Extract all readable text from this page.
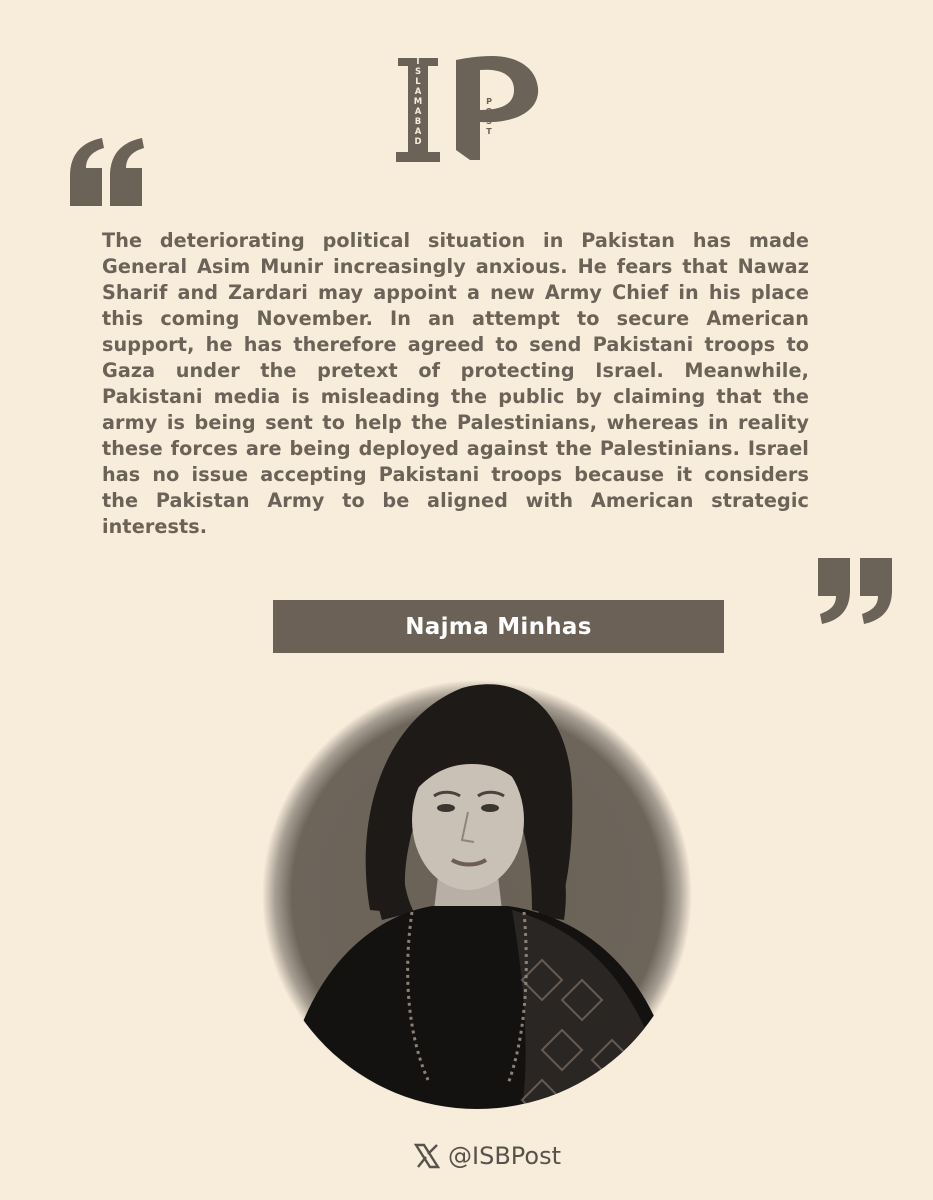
I
S
L
A
M
A
B
A
D
P
O
S
T

The deteriorating political situation in Pakistan has made General Asim Munir increasingly anxious. He fears that Nawaz Sharif and Zardari may appoint a new Army Chief in his place this coming November. In an attempt to secure American support, he has therefore agreed to send Pakistani troops to Gaza under the pretext of protecting Israel. Meanwhile, Pakistani media is misleading the public by claiming that the army is being sent to help the Palestinians, whereas in reality these forces are being deployed against the Palestinians. Israel has no issue accepting Pakistani troops because it considers the Pakistan Army to be aligned with American strategic interests.

Najma Minhas
@ISBPost
